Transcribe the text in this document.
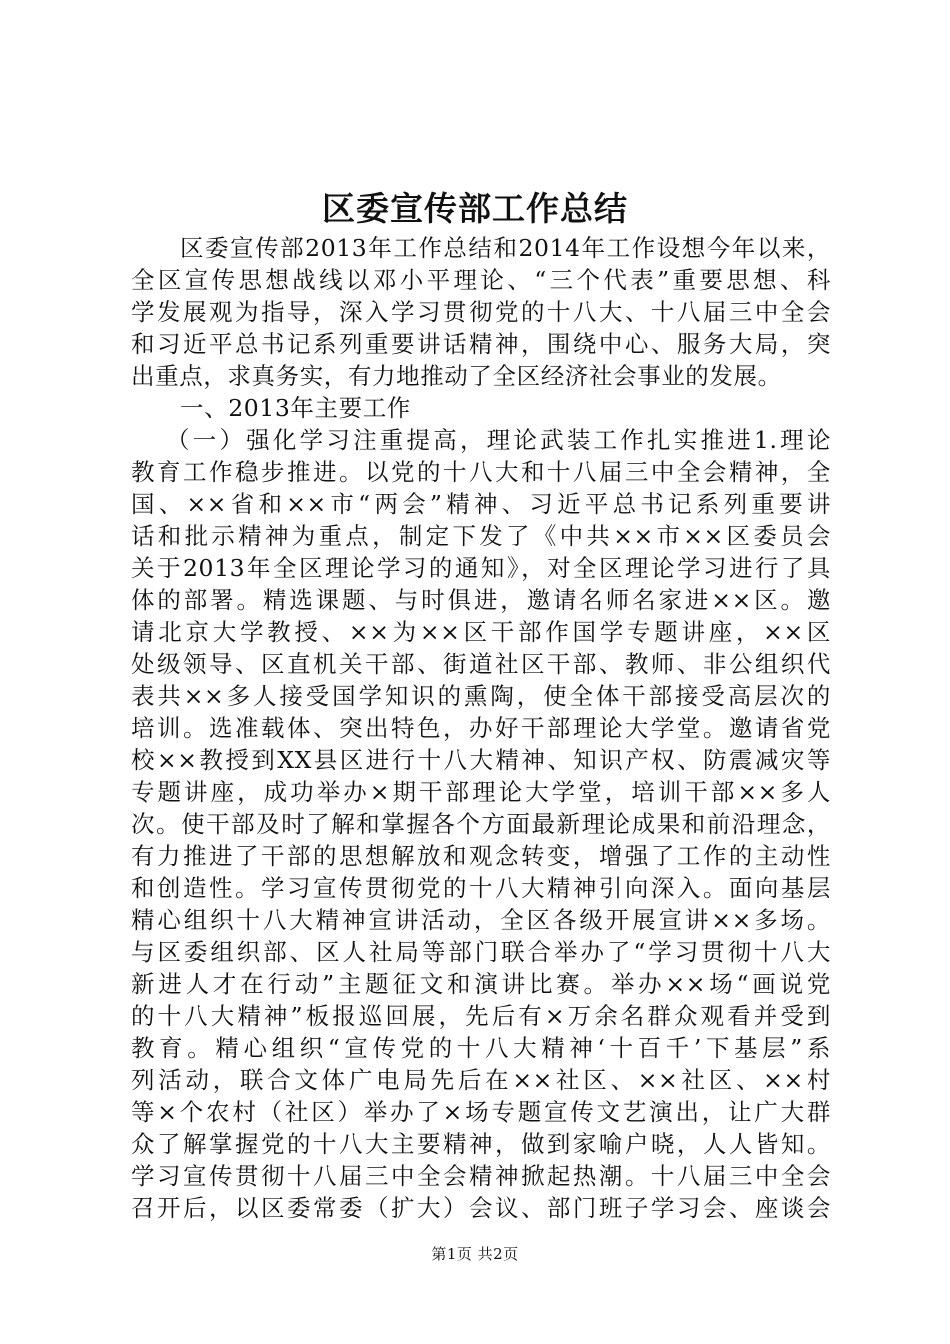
区委宣传部工作总结
区委宣传部2013年工作总结和2014年工作设想今年以来，
全区宣传思想战线以邓小平理论、“三个代表”重要思想、科
学发展观为指导，深入学习贯彻党的十八大、十八届三中全会
和习近平总书记系列重要讲话精神，围绕中心、服务大局，突
出重点，求真务实，有力地推动了全区经济社会事业的发展。
一、2013年主要工作
（一）强化学习注重提高，理论武装工作扎实推进1.理论
教育工作稳步推进。以党的十八大和十八届三中全会精神，全
国、××省和××市“两会”精神、习近平总书记系列重要讲
话和批示精神为重点，制定下发了《中共××市××区委员会
关于2013年全区理论学习的通知》，对全区理论学习进行了具
体的部署。精选课题、与时俱进，邀请名师名家进××区。邀
请北京大学教授、××为××区干部作国学专题讲座，××区
处级领导、区直机关干部、街道社区干部、教师、非公组织代
表共××多人接受国学知识的熏陶，使全体干部接受高层次的
培训。选准载体、突出特色，办好干部理论大学堂。邀请省党
校××教授到XX县区进行十八大精神、知识产权、防震减灾等
专题讲座，成功举办×期干部理论大学堂，培训干部××多人
次。使干部及时了解和掌握各个方面最新理论成果和前沿理念，
有力推进了干部的思想解放和观念转变，增强了工作的主动性
和创造性。学习宣传贯彻党的十八大精神引向深入。面向基层
精心组织十八大精神宣讲活动，全区各级开展宣讲××多场。
与区委组织部、区人社局等部门联合举办了“学习贯彻十八大
新进人才在行动”主题征文和演讲比赛。举办××场“画说党
的十八大精神”板报巡回展，先后有×万余名群众观看并受到
教育。精心组织“宣传党的十八大精神‘十百千’下基层”系
列活动，联合文体广电局先后在××社区、××社区、××村
等×个农村（社区）举办了×场专题宣传文艺演出，让广大群
众了解掌握党的十八大主要精神，做到家喻户晓，人人皆知。
学习宣传贯彻十八届三中全会精神掀起热潮。十八届三中全会
召开后，以区委常委（扩大）会议、部门班子学习会、座谈会
第1页 共2页
